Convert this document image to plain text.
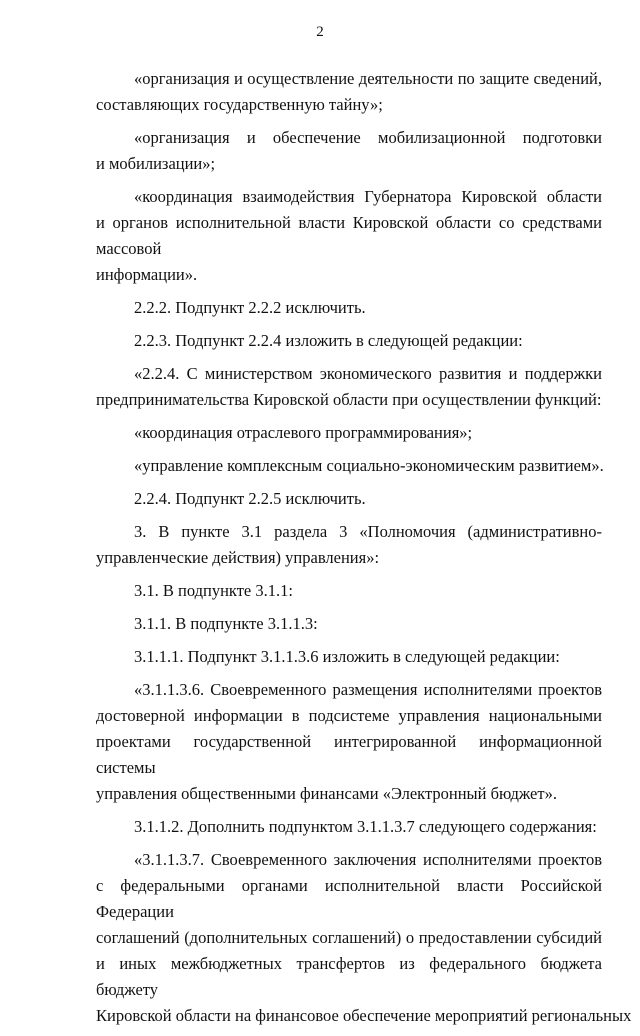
2
«организация и осуществление деятельности по защите сведений,
составляющих государственную тайну»;
«организация и обеспечение мобилизационной подготовки
и мобилизации»;
«координация взаимодействия Губернатора Кировской области
и органов исполнительной власти Кировской области со средствами массовой
информации».
2.2.2. Подпункт 2.2.2 исключить.
2.2.3. Подпункт 2.2.4 изложить в следующей редакции:
«2.2.4. С министерством экономического развития и поддержки
предпринимательства Кировской области при осуществлении функций:
«координация отраслевого программирования»;
«управление комплексным социально-экономическим развитием».
2.2.4. Подпункт 2.2.5 исключить.
3. В пункте 3.1 раздела 3 «Полномочия (административно-
управленческие действия) управления»:
3.1. В подпункте 3.1.1:
3.1.1. В подпункте 3.1.1.3:
3.1.1.1. Подпункт 3.1.1.3.6 изложить в следующей редакции:
«3.1.1.3.6. Своевременного размещения исполнителями проектов
достоверной информации в подсистеме управления национальными
проектами государственной интегрированной информационной системы
управления общественными финансами «Электронный бюджет».
3.1.1.2. Дополнить подпунктом 3.1.1.3.7 следующего содержания:
«3.1.1.3.7. Своевременного заключения исполнителями проектов
с федеральными органами исполнительной власти Российской Федерации
соглашений (дополнительных соглашений) о предоставлении субсидий
и иных межбюджетных трансфертов из федерального бюджета бюджету
Кировской области на финансовое обеспечение мероприятий региональных
